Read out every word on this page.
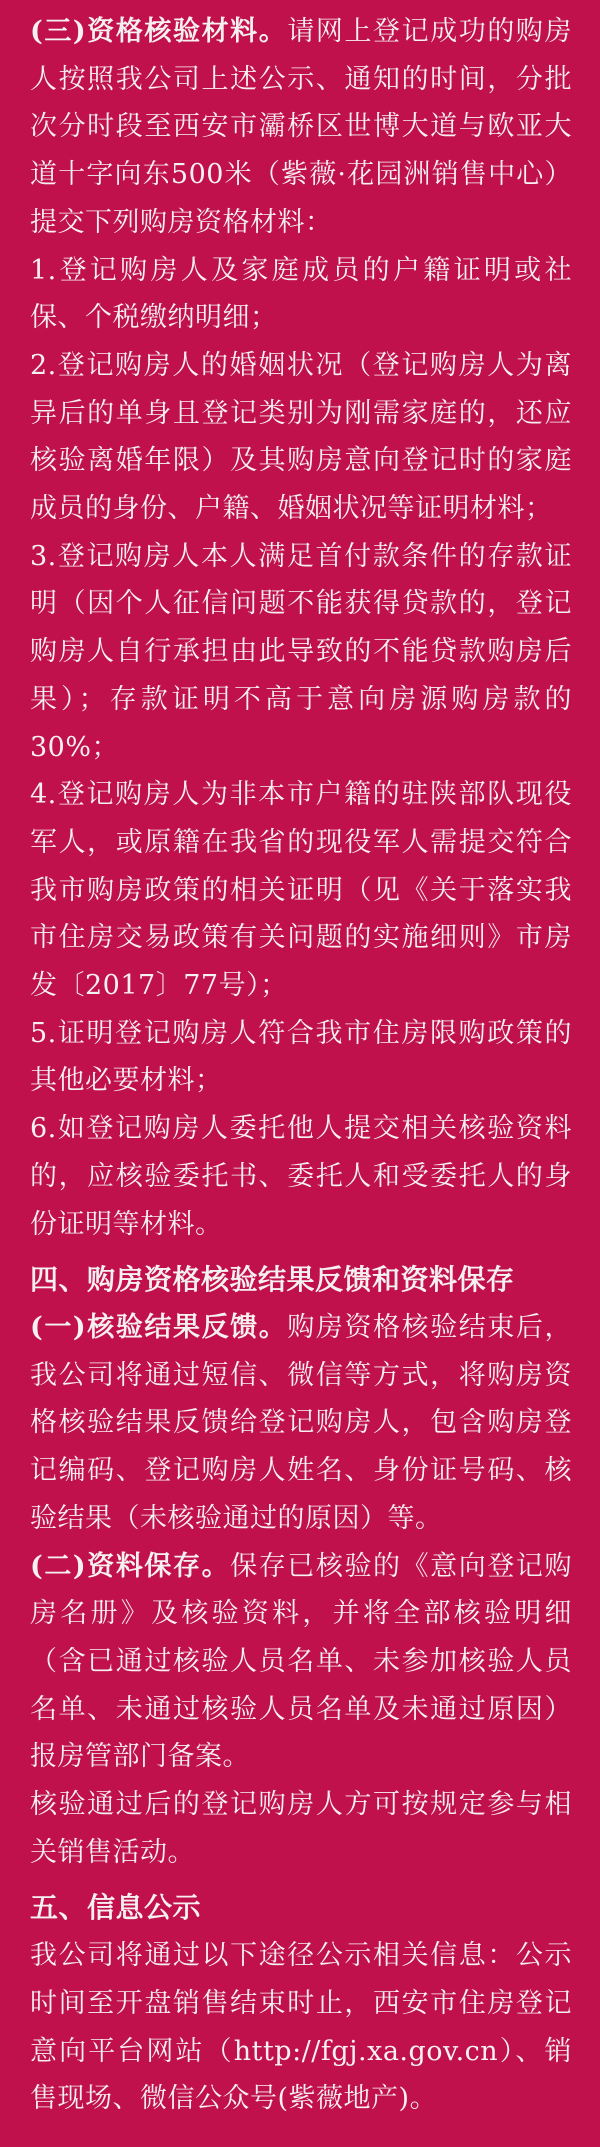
(三)资格核验材料。请网上登记成功的购房人按照我公司上述公示、通知的时间，分批次分时段至西安市灞桥区世博大道与欧亚大道十字向东500米（紫薇·花园洲销售中心）提交下列购房资格材料：

1.登记购房人及家庭成员的户籍证明或社保、个税缴纳明细；

2.登记购房人的婚姻状况（登记购房人为离异后的单身且登记类别为刚需家庭的，还应核验离婚年限）及其购房意向登记时的家庭成员的身份、户籍、婚姻状况等证明材料；

3.登记购房人本人满足首付款条件的存款证明（因个人征信问题不能获得贷款的，登记购房人自行承担由此导致的不能贷款购房后果）；存款证明不高于意向房源购房款的30%；

4.登记购房人为非本市户籍的驻陕部队现役军人，或原籍在我省的现役军人需提交符合我市购房政策的相关证明（见《关于落实我市住房交易政策有关问题的实施细则》市房发〔2017〕77号）；

5.证明登记购房人符合我市住房限购政策的其他必要材料；

6.如登记购房人委托他人提交相关核验资料的，应核验委托书、委托人和受委托人的身份证明等材料。

四、购房资格核验结果反馈和资料保存

(一)核验结果反馈。购房资格核验结束后，我公司将通过短信、微信等方式，将购房资格核验结果反馈给登记购房人，包含购房登记编码、登记购房人姓名、身份证号码、核验结果（未核验通过的原因）等。

(二)资料保存。保存已核验的《意向登记购房名册》及核验资料，并将全部核验明细（含已通过核验人员名单、未参加核验人员名单、未通过核验人员名单及未通过原因）报房管部门备案。

核验通过后的登记购房人方可按规定参与相关销售活动。

五、信息公示

我公司将通过以下途径公示相关信息：公示时间至开盘销售结束时止，西安市住房登记意向平台网站（http://fgj.xa.gov.cn）、销售现场、微信公众号(紫薇地产)。
